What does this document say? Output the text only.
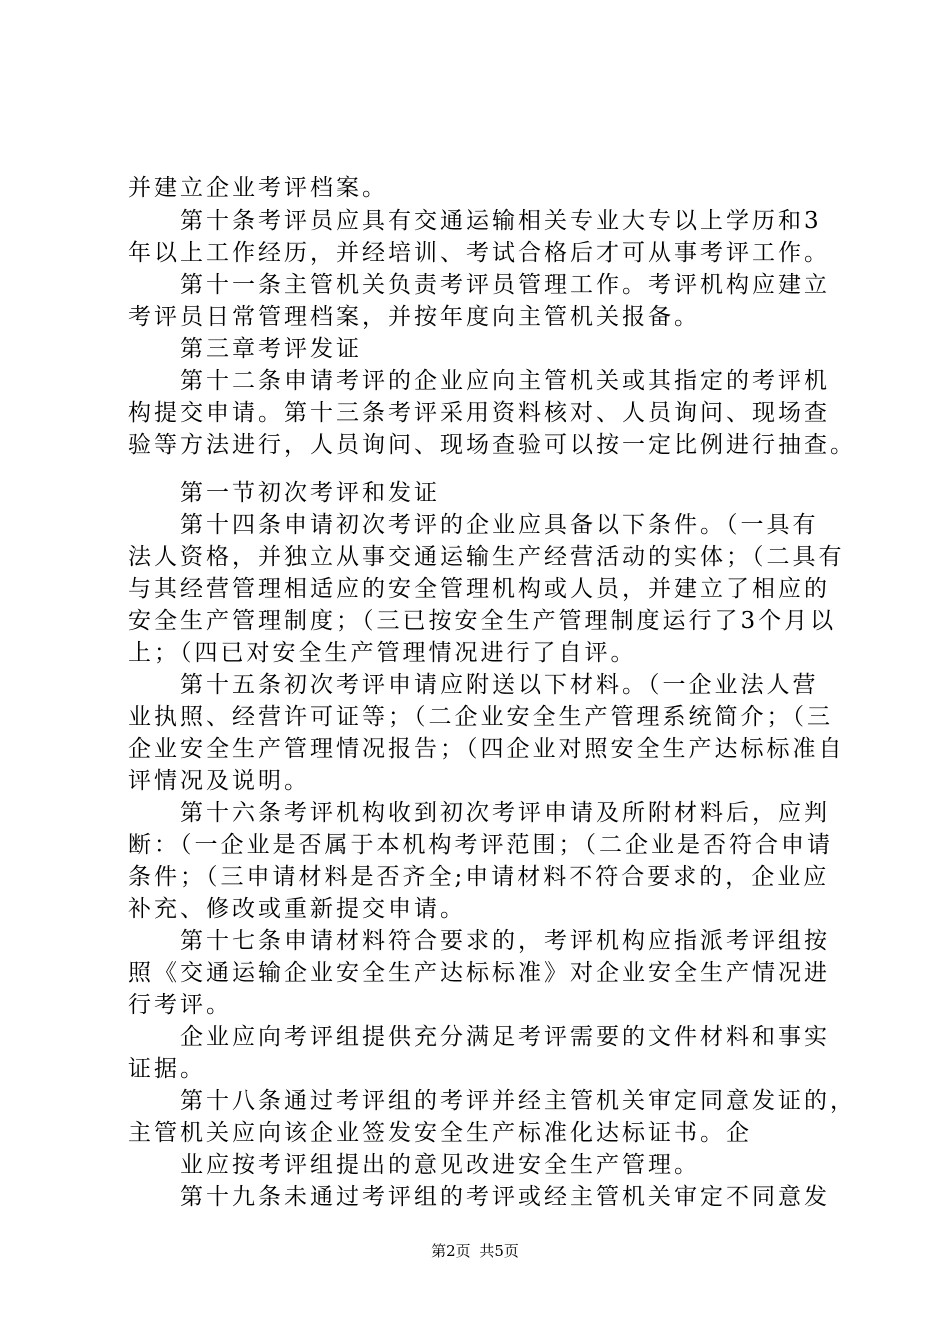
并建立企业考评档案。
　　第十条考评员应具有交通运输相关专业大专以上学历和3
年以上工作经历，并经培训、考试合格后才可从事考评工作。
　　第十一条主管机关负责考评员管理工作。考评机构应建立
考评员日常管理档案，并按年度向主管机关报备。
　　第三章考评发证
　　第十二条申请考评的企业应向主管机关或其指定的考评机
构提交申请。第十三条考评采用资料核对、人员询问、现场查
验等方法进行，人员询问、现场查验可以按一定比例进行抽查。
　　第一节初次考评和发证
　　第十四条申请初次考评的企业应具备以下条件。（一具有
法人资格，并独立从事交通运输生产经营活动的实体；（二具有
与其经营管理相适应的安全管理机构或人员，并建立了相应的
安全生产管理制度；（三已按安全生产管理制度运行了3个月以
上；（四已对安全生产管理情况进行了自评。
　　第十五条初次考评申请应附送以下材料。（一企业法人营
业执照、经营许可证等；（二企业安全生产管理系统简介；（三
企业安全生产管理情况报告；（四企业对照安全生产达标标准自
评情况及说明。
　　第十六条考评机构收到初次考评申请及所附材料后，应判
断：（一企业是否属于本机构考评范围；（二企业是否符合申请
条件；（三申请材料是否齐全;申请材料不符合要求的，企业应
补充、修改或重新提交申请。
　　第十七条申请材料符合要求的，考评机构应指派考评组按
照《交通运输企业安全生产达标标准》对企业安全生产情况进
行考评。
　　企业应向考评组提供充分满足考评需要的文件材料和事实
证据。
　　第十八条通过考评组的考评并经主管机关审定同意发证的，
主管机关应向该企业签发安全生产标准化达标证书。企
　　业应按考评组提出的意见改进安全生产管理。
　　第十九条未通过考评组的考评或经主管机关审定不同意发
第2页 共5页
